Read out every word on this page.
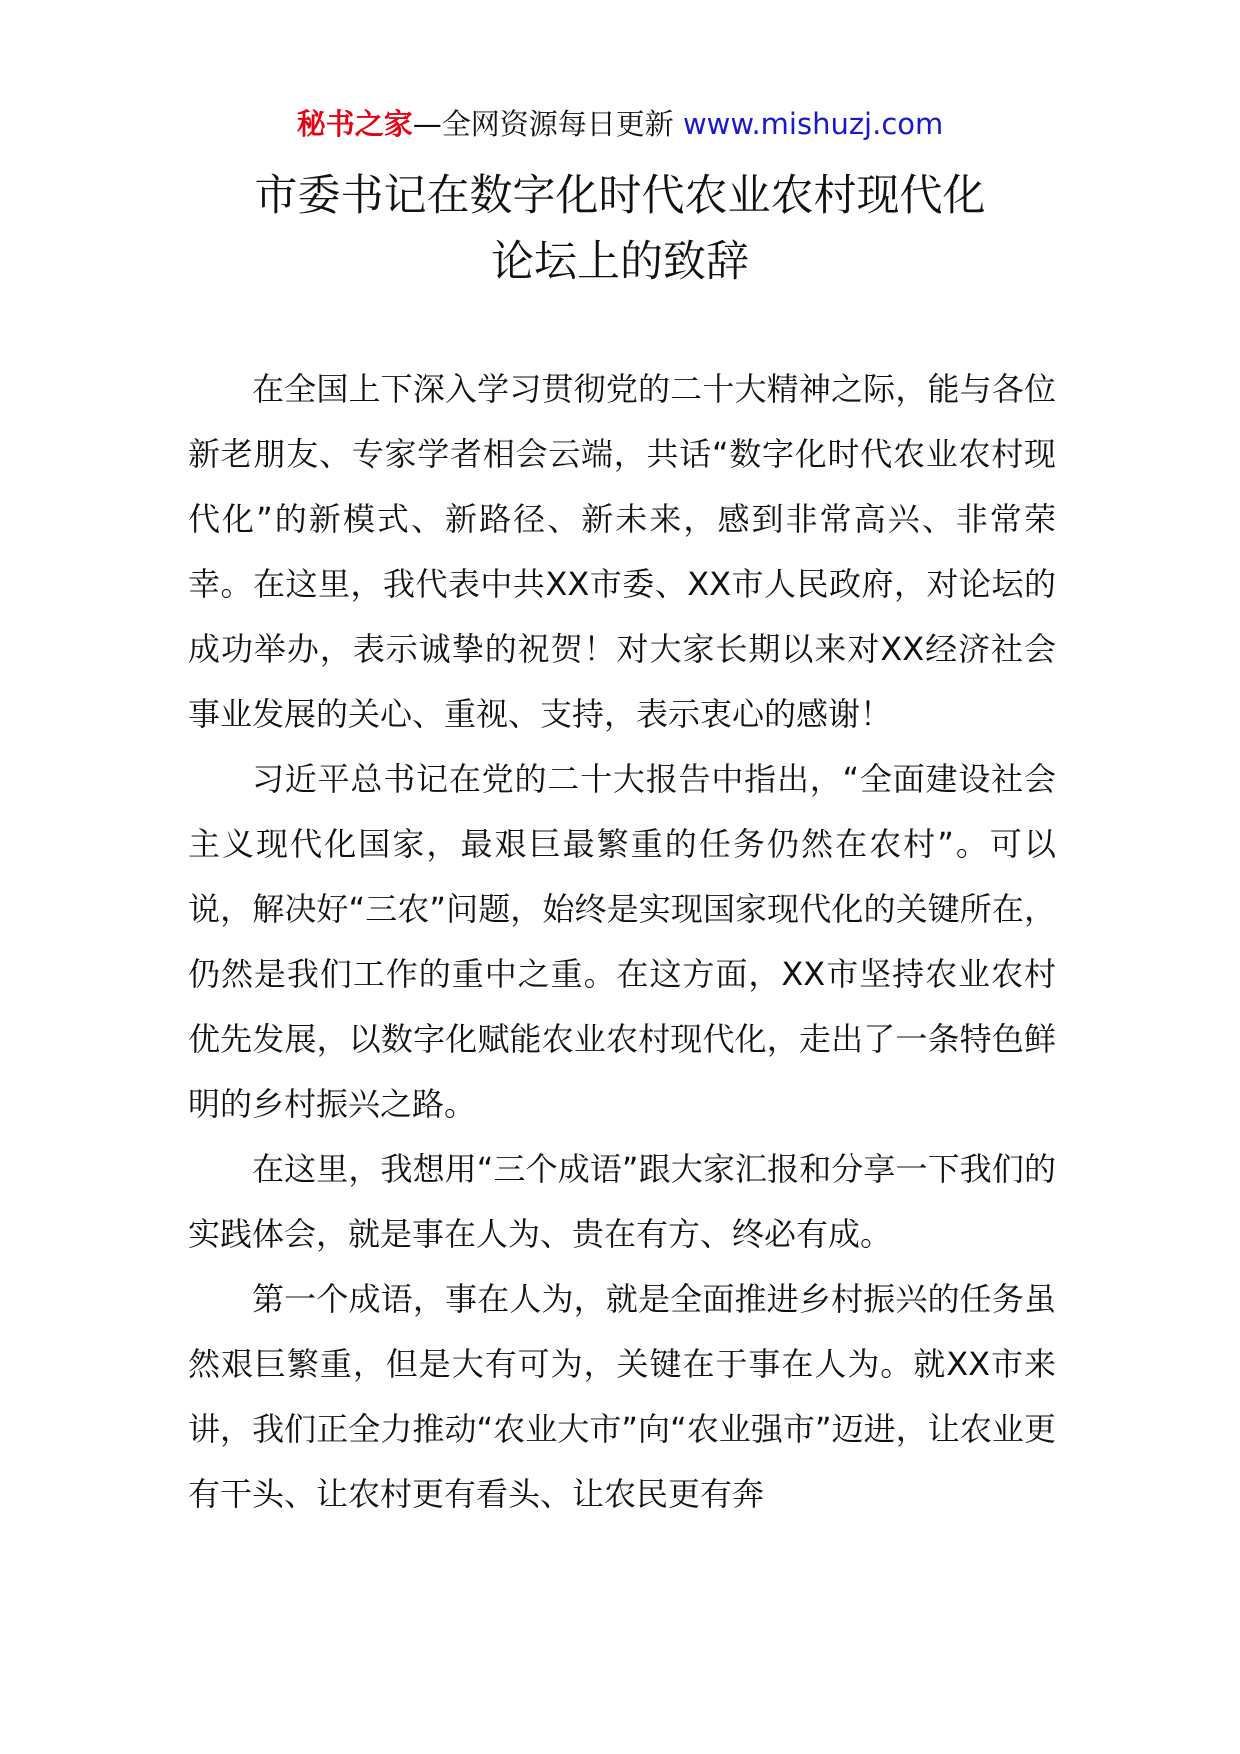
秘书之家—全网资源每日更新 www.mishuzj.com
市委书记在数字化时代农业农村现代化
论坛上的致辞

在全国上下深入学习贯彻党的二十大精神之际，能与各位新老朋友、专家学者相会云端，共话“数字化时代农业农村现代化”的新模式、新路径、新未来，感到非常高兴、非常荣幸。在这里，我代表中共XX市委、XX市人民政府，对论坛的成功举办，表示诚挚的祝贺！对大家长期以来对XX经济社会事业发展的关心、重视、支持，表示衷心的感谢！

习近平总书记在党的二十大报告中指出，“全面建设社会主义现代化国家，最艰巨最繁重的任务仍然在农村”。可以说，解决好“三农”问题，始终是实现国家现代化的关键所在，仍然是我们工作的重中之重。在这方面，XX市坚持农业农村优先发展，以数字化赋能农业农村现代化，走出了一条特色鲜明的乡村振兴之路。

在这里，我想用“三个成语”跟大家汇报和分享一下我们的实践体会，就是事在人为、贵在有方、终必有成。

第一个成语，事在人为，就是全面推进乡村振兴的任务虽然艰巨繁重，但是大有可为，关键在于事在人为。就XX市来讲，我们正全力推动“农业大市”向“农业强市”迈进，让农业更有干头、让农村更有看头、让农民更有奔
